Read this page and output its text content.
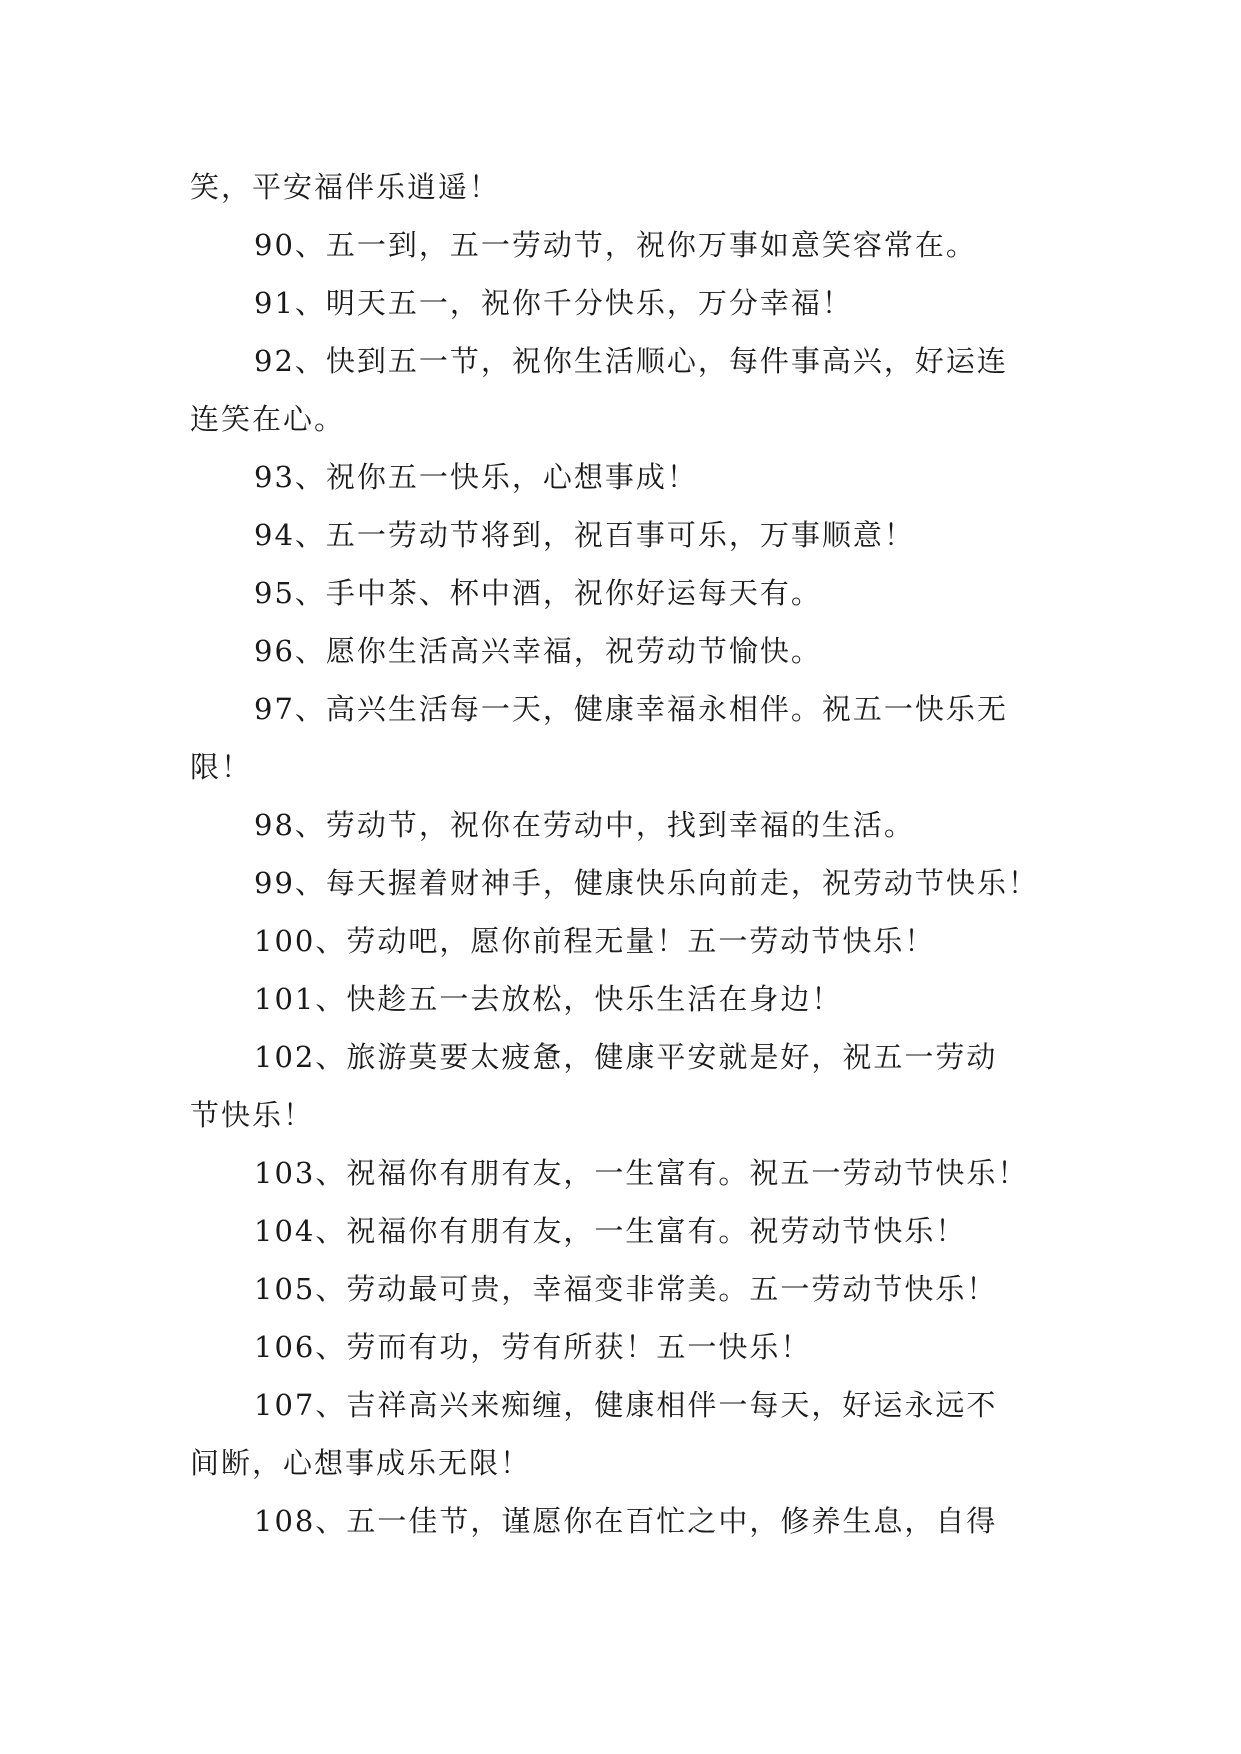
笑，平安福伴乐逍遥！
90、五一到，五一劳动节，祝你万事如意笑容常在。
91、明天五一，祝你千分快乐，万分幸福！
92、快到五一节，祝你生活顺心，每件事高兴，好运连
连笑在心。
93、祝你五一快乐，心想事成！
94、五一劳动节将到，祝百事可乐，万事顺意！
95、手中茶、杯中酒，祝你好运每天有。
96、愿你生活高兴幸福，祝劳动节愉快。
97、高兴生活每一天，健康幸福永相伴。祝五一快乐无
限！
98、劳动节，祝你在劳动中，找到幸福的生活。
99、每天握着财神手，健康快乐向前走，祝劳动节快乐！
100、劳动吧，愿你前程无量！五一劳动节快乐！
101、快趁五一去放松，快乐生活在身边！
102、旅游莫要太疲惫，健康平安就是好，祝五一劳动
节快乐！
103、祝福你有朋有友，一生富有。祝五一劳动节快乐！
104、祝福你有朋有友，一生富有。祝劳动节快乐！
105、劳动最可贵，幸福变非常美。五一劳动节快乐！
106、劳而有功，劳有所获！五一快乐！
107、吉祥高兴来痴缠，健康相伴一每天，好运永远不
间断，心想事成乐无限！
108、五一佳节，谨愿你在百忙之中，修养生息，自得
